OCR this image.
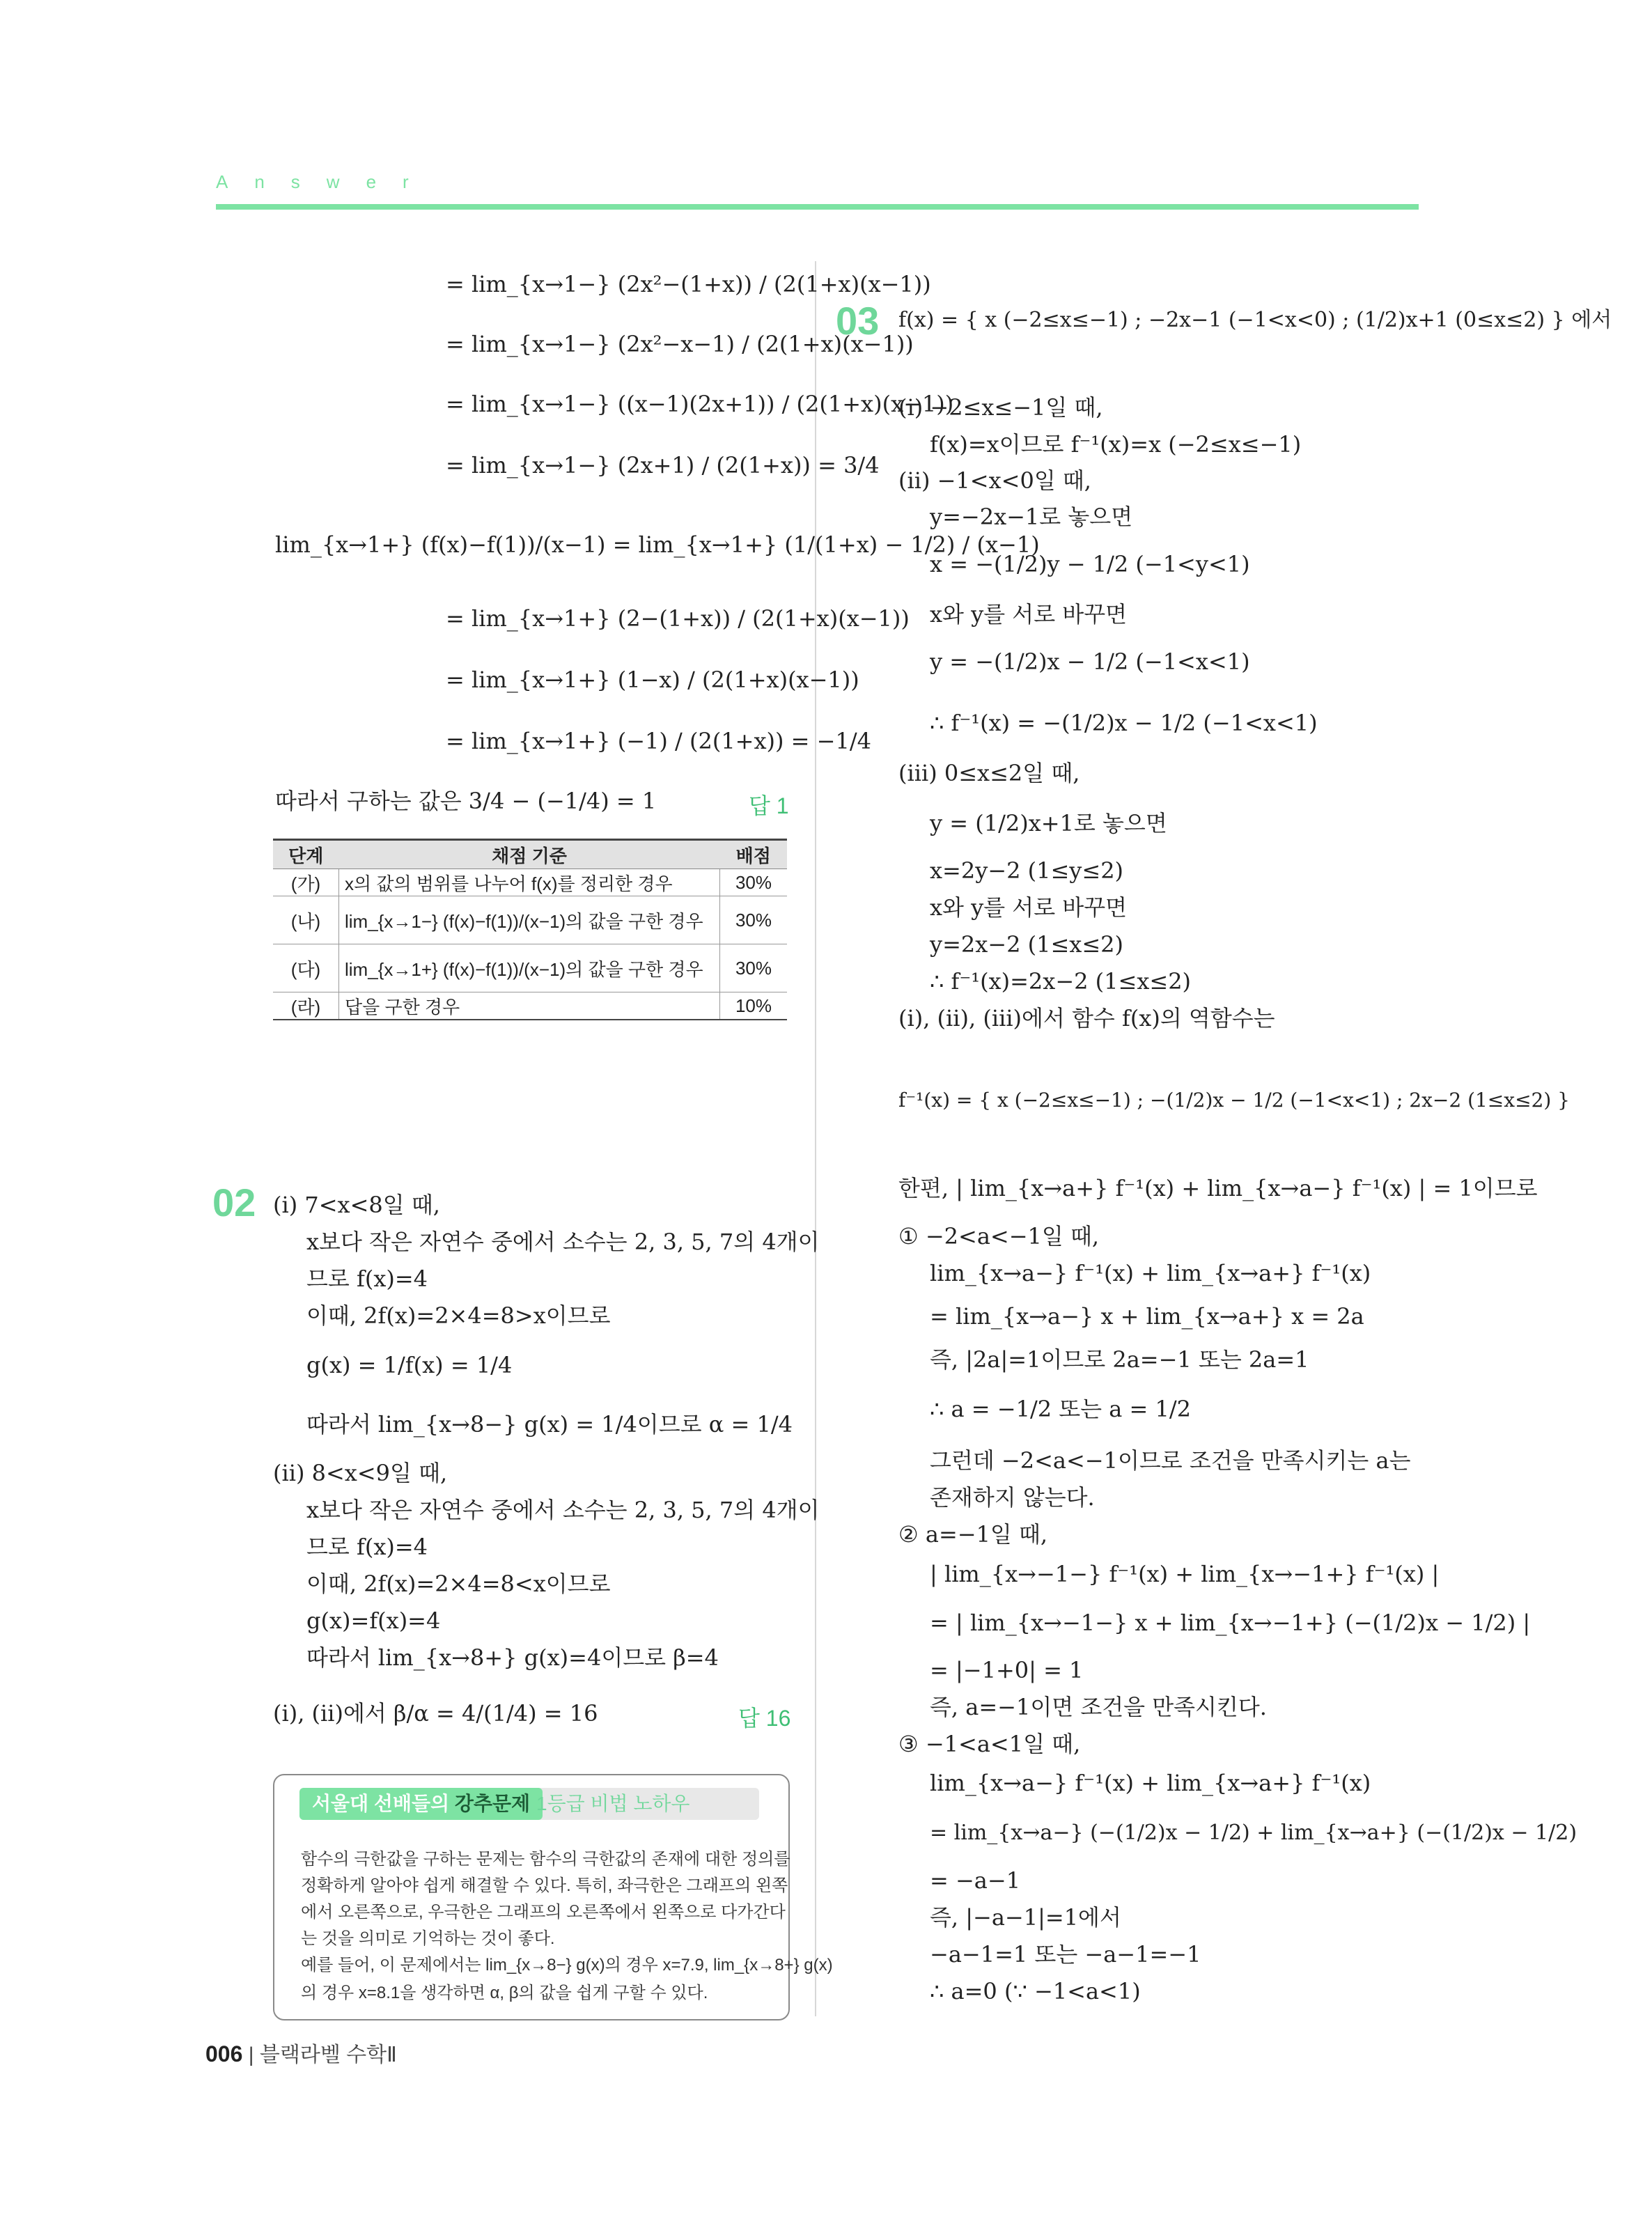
Answer
= lim_{x→1−} (2x²−(1+x)) / (2(1+x)(x−1))
= lim_{x→1−} (2x²−x−1) / (2(1+x)(x−1))
= lim_{x→1−} ((x−1)(2x+1)) / (2(1+x)(x−1))
= lim_{x→1−} (2x+1) / (2(1+x)) = 3/4
lim_{x→1+} (f(x)−f(1))/(x−1) = lim_{x→1+} (1/(1+x) − 1/2) / (x−1)
= lim_{x→1+} (2−(1+x)) / (2(1+x)(x−1))
= lim_{x→1+} (1−x) / (2(1+x)(x−1))
= lim_{x→1+} (−1) / (2(1+x)) = −1/4
따라서 구하는 값은 3/4 − (−1/4) = 1	답 1
단계	채점 기준	배점
(가)	x의 값의 범위를 나누어 f(x)를 정리한 경우	30%
(나)	lim_{x→1−} (f(x)−f(1))/(x−1)의 값을 구한 경우	30%
(다)	lim_{x→1+} (f(x)−f(1))/(x−1)의 값을 구한 경우	30%
(라)	답을 구한 경우	10%
02 (ⅰ) 7<x<8일 때,
x보다 작은 자연수 중에서 소수는 2, 3, 5, 7의 4개이
므로 f(x)=4
이때, 2f(x)=2×4=8>x이므로
g(x) = 1/f(x) = 1/4
따라서 lim_{x→8−} g(x) = 1/4이므로 α = 1/4
(ⅱ) 8<x<9일 때,
x보다 작은 자연수 중에서 소수는 2, 3, 5, 7의 4개이
므로 f(x)=4
이때, 2f(x)=2×4=8<x이므로
g(x)=f(x)=4
따라서 lim_{x→8+} g(x)=4이므로 β=4
(ⅰ), (ⅱ)에서 β/α = 4/(1/4) = 16	답 16
서울대 선배들의 강추문제 1등급 비법 노하우
함수의 극한값을 구하는 문제는 함수의 극한값의 존재에 대한 정의를
정확하게 알아야 쉽게 해결할 수 있다. 특히, 좌극한은 그래프의 왼쪽
에서 오른쪽으로, 우극한은 그래프의 오른쪽에서 왼쪽으로 다가간다
는 것을 의미로 기억하는 것이 좋다.
예를 들어, 이 문제에서는 lim_{x→8−} g(x)의 경우 x=7.9, lim_{x→8+} g(x)
의 경우 x=8.1을 생각하면 α, β의 값을 쉽게 구할 수 있다.
03 f(x) = { x (−2≤x≤−1) ; −2x−1 (−1<x<0) ; (1/2)x+1 (0≤x≤2) } 에서
(ⅰ) −2≤x≤−1일 때,
f(x)=x이므로 f⁻¹(x)=x (−2≤x≤−1)
(ⅱ) −1<x<0일 때,
y=−2x−1로 놓으면
x = −(1/2)y − 1/2 (−1<y<1)
x와 y를 서로 바꾸면
y = −(1/2)x − 1/2 (−1<x<1)
∴ f⁻¹(x) = −(1/2)x − 1/2 (−1<x<1)
(ⅲ) 0≤x≤2일 때,
y = (1/2)x+1로 놓으면
x=2y−2 (1≤y≤2)
x와 y를 서로 바꾸면
y=2x−2 (1≤x≤2)
∴ f⁻¹(x)=2x−2 (1≤x≤2)
(ⅰ), (ⅱ), (ⅲ)에서 함수 f(x)의 역함수는
f⁻¹(x) = { x (−2≤x≤−1) ; −(1/2)x − 1/2 (−1<x<1) ; 2x−2 (1≤x≤2) }
한편, | lim_{x→a+} f⁻¹(x) + lim_{x→a−} f⁻¹(x) | = 1이므로
① −2<a<−1일 때,
lim_{x→a−} f⁻¹(x) + lim_{x→a+} f⁻¹(x)
= lim_{x→a−} x + lim_{x→a+} x = 2a
즉, |2a|=1이므로 2a=−1 또는 2a=1
∴ a = −1/2 또는 a = 1/2
그런데 −2<a<−1이므로 조건을 만족시키는 a는
존재하지 않는다.
② a=−1일 때,
| lim_{x→−1−} f⁻¹(x) + lim_{x→−1+} f⁻¹(x) |
= | lim_{x→−1−} x + lim_{x→−1+} (−(1/2)x − 1/2) |
= |−1+0| = 1
즉, a=−1이면 조건을 만족시킨다.
③ −1<a<1일 때,
lim_{x→a−} f⁻¹(x) + lim_{x→a+} f⁻¹(x)
= lim_{x→a−} (−(1/2)x − 1/2) + lim_{x→a+} (−(1/2)x − 1/2)
= −a−1
즉, |−a−1|=1에서
−a−1=1 또는 −a−1=−1
∴ a=0 (∵ −1<a<1)
006 | 블랙라벨 수학Ⅱ
